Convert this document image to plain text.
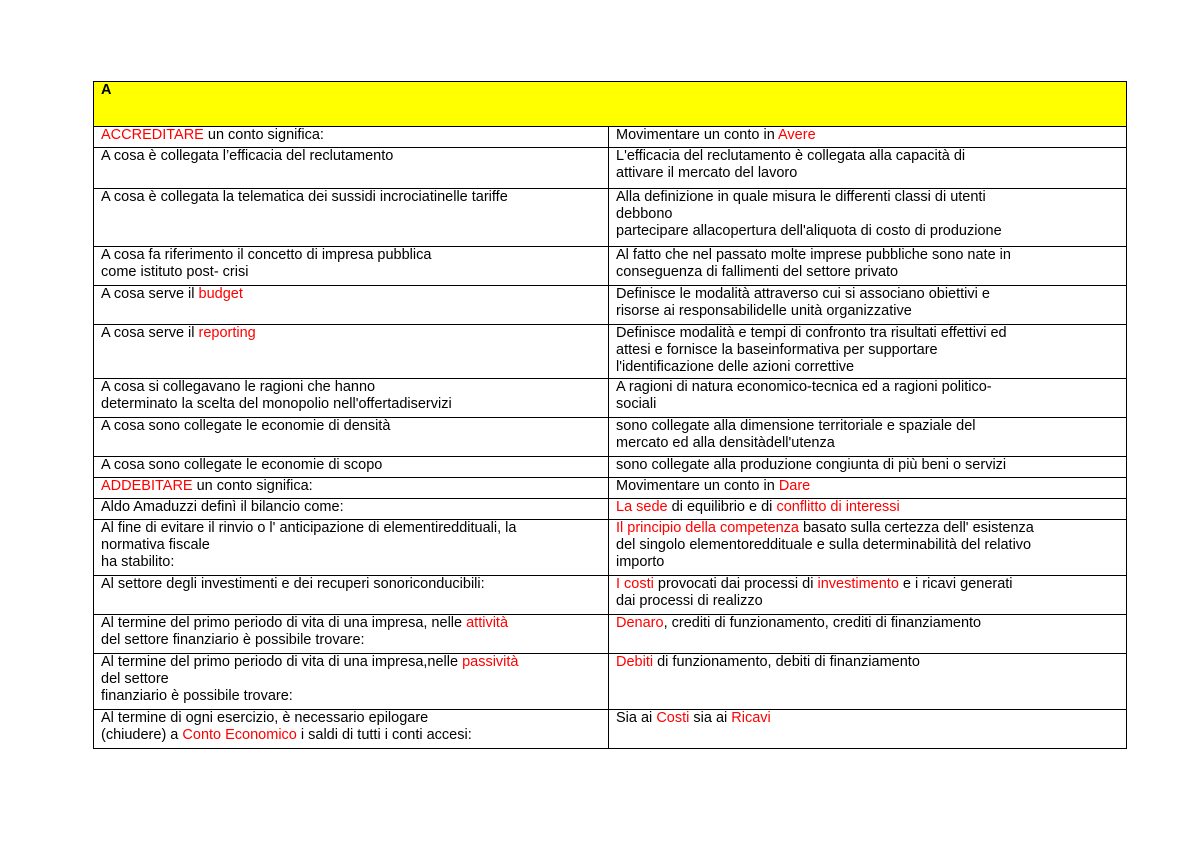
A	

ACCREDITARE un conto significa:	Movimentare un conto in Avere

A cosa è collegata l’efficacia del reclutamento	L'efficacia del reclutamento è collegata alla capacità di
attivare il mercato del lavoro

A cosa è collegata la telematica dei sussidi incrociatinelle tariffe	Alla definizione in quale misura le differenti classi di utenti
debbono
partecipare allacopertura dell'aliquota di costo di produzione

A cosa fa riferimento il concetto di impresa pubblica
come istituto post- crisi	Al fatto che nel passato molte imprese pubbliche sono nate in
conseguenza di fallimenti del settore privato

A cosa serve il budget	Definisce le modalità attraverso cui si associano obiettivi e
risorse ai responsabilidelle unità organizzative

A cosa serve il reporting	Definisce modalità e tempi di confronto tra risultati effettivi ed
attesi e fornisce la baseinformativa per supportare
l'identificazione delle azioni correttive

A cosa si collegavano le ragioni che hanno
determinato la scelta del monopolio nell'offertadiservizi	A ragioni di natura economico-tecnica ed a ragioni politico-
sociali

A cosa sono collegate le economie di densità	sono collegate alla dimensione territoriale e spaziale del
mercato ed alla densitàdell'utenza

A cosa sono collegate le economie di scopo	sono collegate alla produzione congiunta di più beni o servizi

ADDEBITARE un conto significa:	Movimentare un conto in Dare

Aldo Amaduzzi definì il bilancio come:	La sede di equilibrio e di conflitto di interessi

Al fine di evitare il rinvio o l' anticipazione di elementireddituali, la
normativa fiscale
ha stabilito:	Il principio della competenza basato sulla certezza dell' esistenza
del singolo elementoreddituale e sulla determinabilità del relativo
importo

Al settore degli investimenti e dei recuperi sonoriconducibili:	I costi provocati dai processi di investimento e i ricavi generati
dai processi di realizzo

Al termine del primo periodo di vita di una impresa, nelle attività
del settore finanziario è possibile trovare:	Denaro, crediti di funzionamento, crediti di finanziamento

Al termine del primo periodo di vita di una impresa,nelle passività
del settore
finanziario è possibile trovare:	Debiti di funzionamento, debiti di finanziamento

Al termine di ogni esercizio, è necessario epilogare
(chiudere) a Conto Economico i saldi di tutti i conti accesi:	Sia ai Costi sia ai Ricavi
